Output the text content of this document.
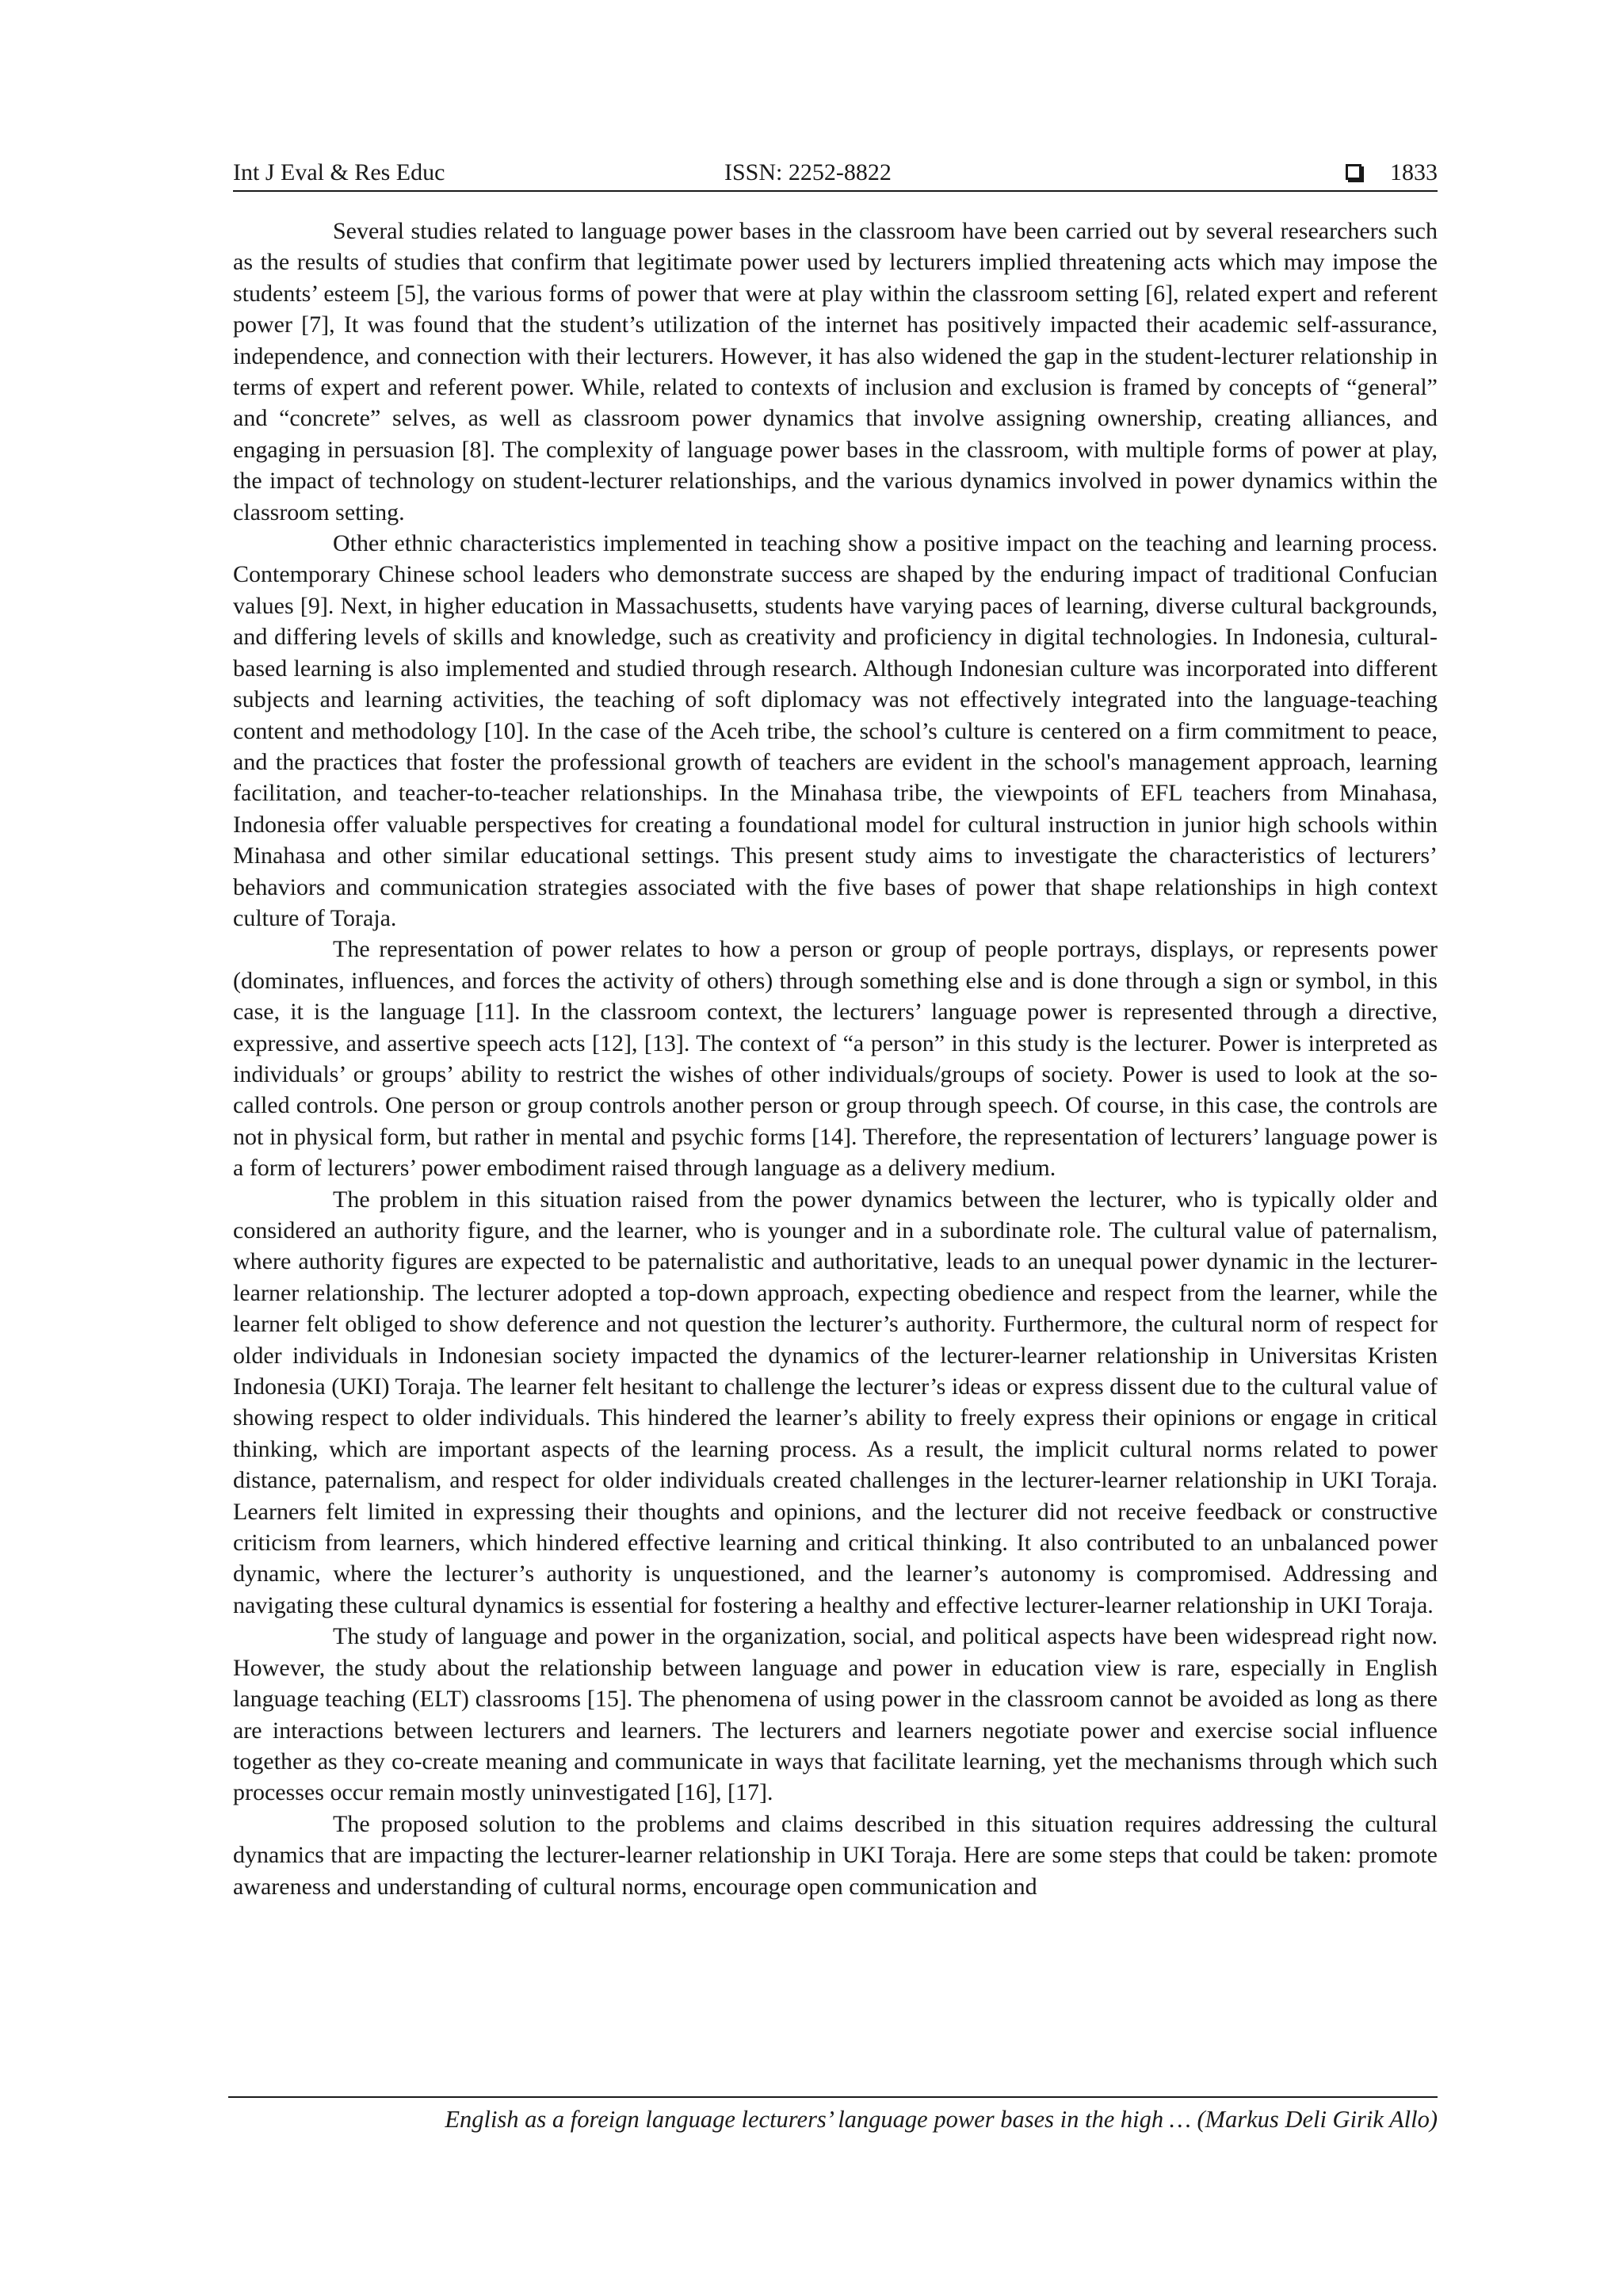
Int J Eval & Res Educ	ISSN: 2252-8822	1833

Several studies related to language power bases in the classroom have been carried out by several researchers such as the results of studies that confirm that legitimate power used by lecturers implied threatening acts which may impose the students’ esteem [5], the various forms of power that were at play within the classroom setting [6], related expert and referent power [7], It was found that the student’s utilization of the internet has positively impacted their academic self-assurance, independence, and connection with their lecturers. However, it has also widened the gap in the student-lecturer relationship in terms of expert and referent power. While, related to contexts of inclusion and exclusion is framed by concepts of “general” and “concrete” selves, as well as classroom power dynamics that involve assigning ownership, creating alliances, and engaging in persuasion [8]. The complexity of language power bases in the classroom, with multiple forms of power at play, the impact of technology on student-lecturer relationships, and the various dynamics involved in power dynamics within the classroom setting.

Other ethnic characteristics implemented in teaching show a positive impact on the teaching and learning process. Contemporary Chinese school leaders who demonstrate success are shaped by the enduring impact of traditional Confucian values [9]. Next, in higher education in Massachusetts, students have varying paces of learning, diverse cultural backgrounds, and differing levels of skills and knowledge, such as creativity and proficiency in digital technologies. In Indonesia, cultural-based learning is also implemented and studied through research. Although Indonesian culture was incorporated into different subjects and learning activities, the teaching of soft diplomacy was not effectively integrated into the language-teaching content and methodology [10]. In the case of the Aceh tribe, the school’s culture is centered on a firm commitment to peace, and the practices that foster the professional growth of teachers are evident in the school's management approach, learning facilitation, and teacher-to-teacher relationships. In the Minahasa tribe, the viewpoints of EFL teachers from Minahasa, Indonesia offer valuable perspectives for creating a foundational model for cultural instruction in junior high schools within Minahasa and other similar educational settings. This present study aims to investigate the characteristics of lecturers’ behaviors and communication strategies associated with the five bases of power that shape relationships in high context culture of Toraja.

The representation of power relates to how a person or group of people portrays, displays, or represents power (dominates, influences, and forces the activity of others) through something else and is done through a sign or symbol, in this case, it is the language [11]. In the classroom context, the lecturers’ language power is represented through a directive, expressive, and assertive speech acts [12], [13]. The context of “a person” in this study is the lecturer. Power is interpreted as individuals’ or groups’ ability to restrict the wishes of other individuals/groups of society. Power is used to look at the so-called controls. One person or group controls another person or group through speech. Of course, in this case, the controls are not in physical form, but rather in mental and psychic forms [14]. Therefore, the representation of lecturers’ language power is a form of lecturers’ power embodiment raised through language as a delivery medium.

The problem in this situation raised from the power dynamics between the lecturer, who is typically older and considered an authority figure, and the learner, who is younger and in a subordinate role. The cultural value of paternalism, where authority figures are expected to be paternalistic and authoritative, leads to an unequal power dynamic in the lecturer-learner relationship. The lecturer adopted a top-down approach, expecting obedience and respect from the learner, while the learner felt obliged to show deference and not question the lecturer’s authority. Furthermore, the cultural norm of respect for older individuals in Indonesian society impacted the dynamics of the lecturer-learner relationship in Universitas Kristen Indonesia (UKI) Toraja. The learner felt hesitant to challenge the lecturer’s ideas or express dissent due to the cultural value of showing respect to older individuals. This hindered the learner’s ability to freely express their opinions or engage in critical thinking, which are important aspects of the learning process. As a result, the implicit cultural norms related to power distance, paternalism, and respect for older individuals created challenges in the lecturer-learner relationship in UKI Toraja. Learners felt limited in expressing their thoughts and opinions, and the lecturer did not receive feedback or constructive criticism from learners, which hindered effective learning and critical thinking. It also contributed to an unbalanced power dynamic, where the lecturer’s authority is unquestioned, and the learner’s autonomy is compromised. Addressing and navigating these cultural dynamics is essential for fostering a healthy and effective lecturer-learner relationship in UKI Toraja.

The study of language and power in the organization, social, and political aspects have been widespread right now. However, the study about the relationship between language and power in education view is rare, especially in English language teaching (ELT) classrooms [15]. The phenomena of using power in the classroom cannot be avoided as long as there are interactions between lecturers and learners. The lecturers and learners negotiate power and exercise social influence together as they co-create meaning and communicate in ways that facilitate learning, yet the mechanisms through which such processes occur remain mostly uninvestigated [16], [17].

The proposed solution to the problems and claims described in this situation requires addressing the cultural dynamics that are impacting the lecturer-learner relationship in UKI Toraja. Here are some steps that could be taken: promote awareness and understanding of cultural norms, encourage open communication and

English as a foreign language lecturers’ language power bases in the high … (Markus Deli Girik Allo)
